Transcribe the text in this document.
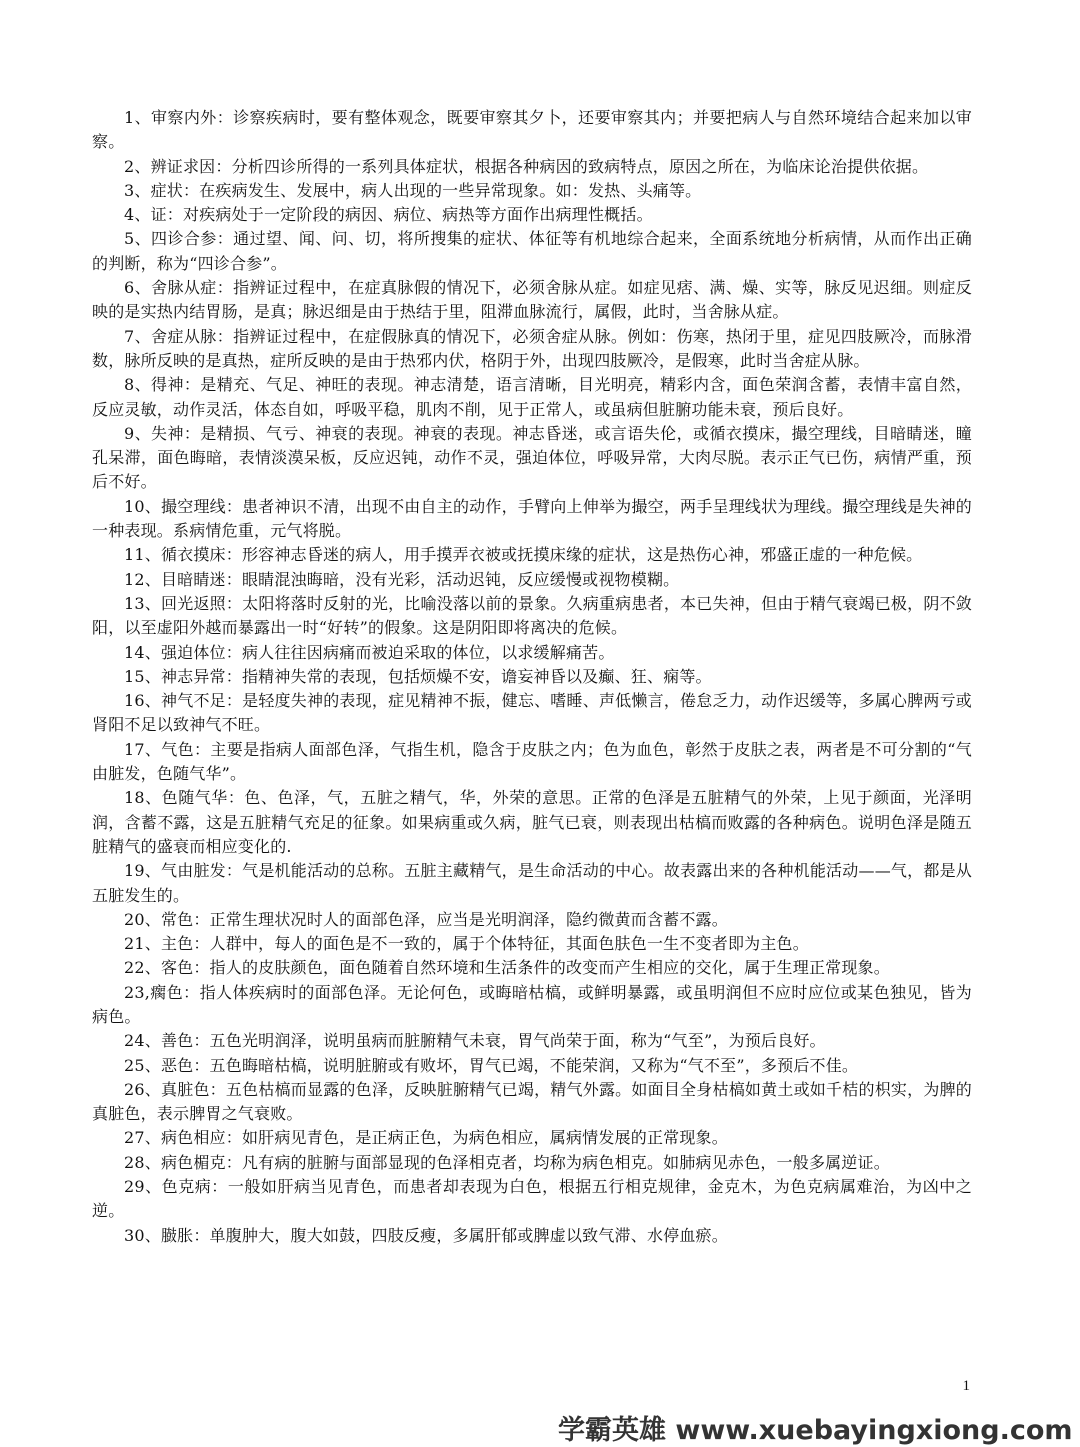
1、审察内外：诊察疾病时，要有整体观念，既要审察其夕卜，还要审察其内；并要把病人与自然环境结合起来加以审察。

2、辨证求因：分析四诊所得的一系列具体症状，根据各种病因的致病特点，原因之所在，为临床论治提供依据。

3、症状：在疾病发生、发展中，病人出现的一些异常现象。如：发热、头痛等。

4、证：对疾病处于一定阶段的病因、病位、病热等方面作出病理性概括。

5、四诊合参：通过望、闻、问、切，将所搜集的症状、体征等有机地综合起来，全面系统地分析病情，从而作出正确的判断，称为“四诊合参”。

6、舍脉从症：指辨证过程中，在症真脉假的情况下，必须舍脉从症。如症见痞、满、燥、实等，脉反见迟细。则症反映的是实热内结胃肠，是真；脉迟细是由于热结于里，阻滞血脉流行，属假，此时，当舍脉从症。

7、舍症从脉：指辨证过程中，在症假脉真的情况下，必须舍症从脉。例如：伤寒，热闭于里，症见四肢厥冷，而脉滑数，脉所反映的是真热，症所反映的是由于热邪内伏，格阴于外，出现四肢厥冷，是假寒，此时当舍症从脉。

8、得神：是精充、气足、神旺的表现。神志清楚，语言清晰，目光明亮，精彩内含，面色荣润含蓄，表情丰富自然，反应灵敏，动作灵活，体态自如，呼吸平稳，肌肉不削，见于正常人，或虽病但脏腑功能未衰，预后良好。

9、失神：是精损、气亏、神衰的表现。神衰的表现。神志昏迷，或言语失伦，或循衣摸床，撮空理线，目暗睛迷，瞳孔呆滞，面色晦暗，表情淡漠呆板，反应迟钝，动作不灵，强迫体位，呼吸异常，大肉尽脱。表示正气已伤，病情严重，预后不好。

10、撮空理线：患者神识不清，出现不由自主的动作，手臂向上伸举为撮空，两手呈理线状为理线。撮空理线是失神的一种表现。系病情危重，元气将脱。

11、循衣摸床：形容神志昏迷的病人，用手摸弄衣被或抚摸床缘的症状，这是热伤心神，邪盛正虚的一种危候。

12、目暗睛迷：眼睛混浊晦暗，没有光彩，活动迟钝，反应缓慢或视物模糊。

13、回光返照：太阳将落时反射的光，比喻没落以前的景象。久病重病患者，本已失神，但由于精气衰竭已极，阴不敛阳，以至虚阳外越而暴露出一时“好转”的假象。这是阴阳即将离决的危候。

14、强迫体位：病人往往因病痛而被迫采取的体位，以求缓解痛苦。

15、神志异常：指精神失常的表现，包括烦燥不安，谵妄神昏以及癫、狂、痫等。

16、神气不足：是轻度失神的表现，症见精神不振，健忘、嗜睡、声低懒言，倦怠乏力，动作迟缓等，多属心脾两亏或肾阳不足以致神气不旺。

17、气色：主要是指病人面部色泽，气指生机，隐含于皮肤之内；色为血色，彰然于皮肤之表，两者是不可分割的“气由脏发，色随气华”。

18、色随气华：色、色泽，气，五脏之精气，华，外荣的意思。正常的色泽是五脏精气的外荣，上见于颜面，光泽明润，含蓄不露，这是五脏精气充足的征象。如果病重或久病，脏气已衰，则表现出枯槁而败露的各种病色。说明色泽是随五脏精气的盛衰而相应变化的.

19、气由脏发：气是机能活动的总称。五脏主藏精气，是生命活动的中心。故表露出来的各种机能活动——气，都是从五脏发生的。

20、常色：正常生理状况时人的面部色泽，应当是光明润泽，隐约微黄而含蓄不露。

21、主色：人群中，每人的面色是不一致的，属于个体特征，其面色肤色一生不变者即为主色。

22、客色：指人的皮肤颜色，面色随着自然环境和生活条件的改变而产生相应的交化，属于生理正常现象。

23,瘸色：指人体疾病时的面部色泽。无论何色，或晦暗枯槁，或鲜明暴露，或虽明润但不应时应位或某色独见，皆为病色。

24、善色：五色光明润泽，说明虽病而脏腑精气未衰，胃气尚荣于面，称为“气至”，为预后良好。

25、恶色：五色晦暗枯槁，说明脏腑或有败坏，胃气已竭，不能荣润，又称为“气不至”，多预后不佳。

26、真脏色：五色枯槁而显露的色泽，反映脏腑精气已竭，精气外露。如面目全身枯槁如黄土或如千桔的枳实，为脾的真脏色，表示脾胃之气衰败。

27、病色相应：如肝病见青色，是正病正色，为病色相应，属病情发展的正常现象。

28、病色楣克：凡有病的脏腑与面部显现的色泽相克者，均称为病色相克。如肺病见赤色，一般多属逆证。

29、色克病：一般如肝病当见青色，而患者却表现为白色，根据五行相克规律，金克木，为色克病属难治，为凶中之逆。

30、臌胀：单腹肿大，腹大如鼓，四肢反瘦，多属肝郁或脾虚以致气滞、水停血瘀。

1
学霸英雄 www.xuebayingxiong.com
